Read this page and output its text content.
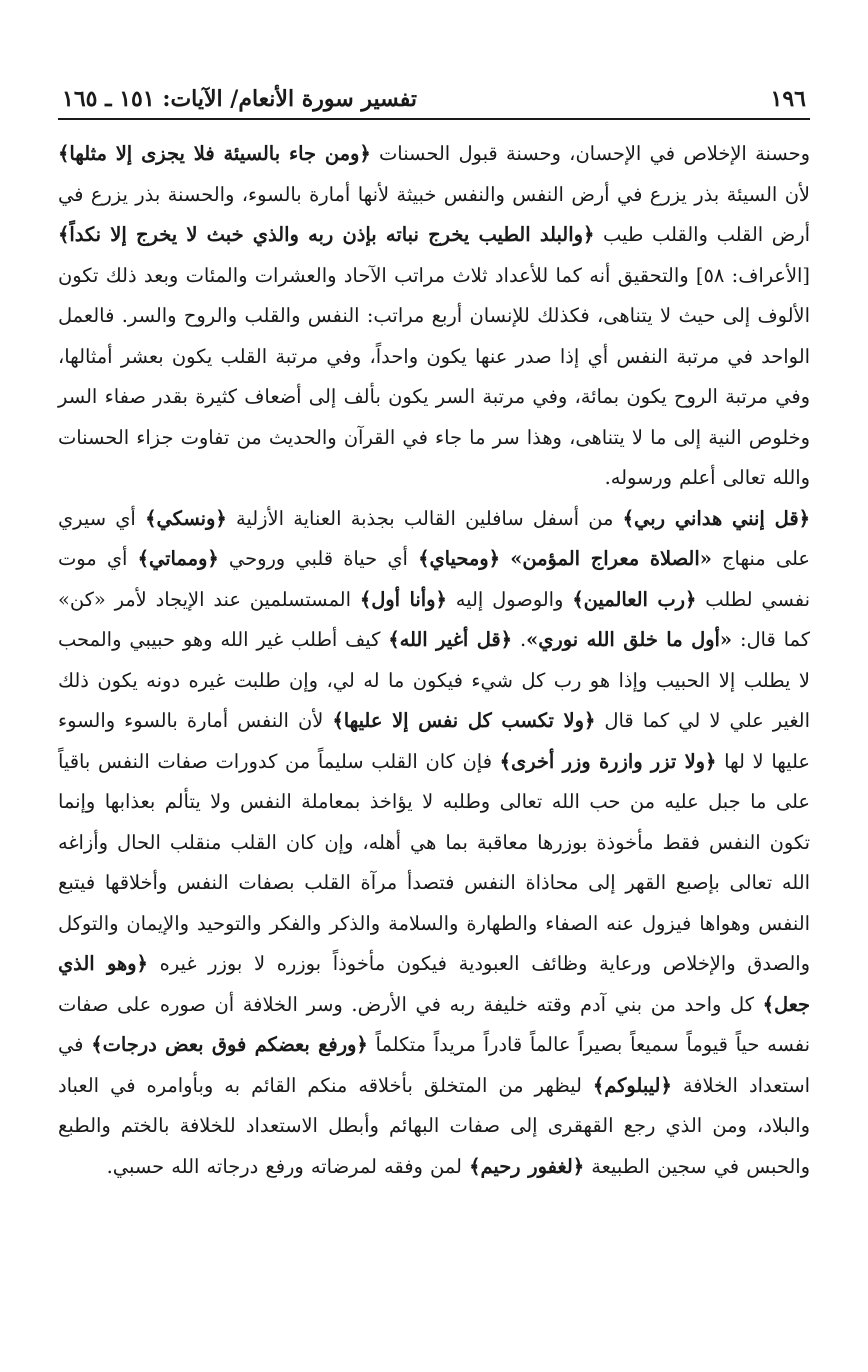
١٩٦
تفسير سورة الأنعام/ الآيات: ١٥١ ـ ١٦٥

وحسنة الإخلاص في الإحسان، وحسنة قبول الحسنات ﴿ومن جاء بالسيئة فلا يجزى إلا مثلها﴾ لأن السيئة بذر يزرع في أرض النفس والنفس خبيثة لأنها أمارة بالسوء، والحسنة بذر يزرع في أرض القلب والقلب طيب ﴿والبلد الطيب يخرج نباته بإذن ربه والذي خبث لا يخرج إلا نكداً﴾ [الأعراف: ٥٨] والتحقيق أنه كما للأعداد ثلاث مراتب الآحاد والعشرات والمئات وبعد ذلك تكون الألوف إلى حيث لا يتناهى، فكذلك للإنسان أربع مراتب: النفس والقلب والروح والسر. فالعمل الواحد في مرتبة النفس أي إذا صدر عنها يكون واحداً، وفي مرتبة القلب يكون بعشر أمثالها، وفي مرتبة الروح يكون بمائة، وفي مرتبة السر يكون بألف إلى أضعاف كثيرة بقدر صفاء السر وخلوص النية إلى ما لا يتناهى، وهذا سر ما جاء في القرآن والحديث من تفاوت جزاء الحسنات والله تعالى أعلم ورسوله.

﴿قل إنني هداني ربي﴾ من أسفل سافلين القالب بجذبة العناية الأزلية ﴿ونسكي﴾ أي سيري على منهاج «الصلاة معراج المؤمن» ﴿ومحياي﴾ أي حياة قلبي وروحي ﴿ومماتي﴾ أي موت نفسي لطلب ﴿رب العالمين﴾ والوصول إليه ﴿وأنا أول﴾ المستسلمين عند الإيجاد لأمر «كن» كما قال: «أول ما خلق الله نوري». ﴿قل أغير الله﴾ كيف أطلب غير الله وهو حبيبي والمحب لا يطلب إلا الحبيب وإذا هو رب كل شيء فيكون ما له لي، وإن طلبت غيره دونه يكون ذلك الغير علي لا لي كما قال ﴿ولا تكسب كل نفس إلا عليها﴾ لأن النفس أمارة بالسوء والسوء عليها لا لها ﴿ولا تزر وازرة وزر أخرى﴾ فإن كان القلب سليماً من كدورات صفات النفس باقياً على ما جبل عليه من حب الله تعالى وطلبه لا يؤاخذ بمعاملة النفس ولا يتألم بعذابها وإنما تكون النفس فقط مأخوذة بوزرها معاقبة بما هي أهله، وإن كان القلب منقلب الحال وأزاغه الله تعالى بإصبع القهر إلى محاذاة النفس فتصدأ مرآة القلب بصفات النفس وأخلاقها فيتبع النفس وهواها فيزول عنه الصفاء والطهارة والسلامة والذكر والفكر والتوحيد والإيمان والتوكل والصدق والإخلاص ورعاية وظائف العبودية فيكون مأخوذاً بوزره لا بوزر غيره ﴿وهو الذي جعل﴾ كل واحد من بني آدم وقته خليفة ربه في الأرض. وسر الخلافة أن صوره على صفات نفسه حياً قيوماً سميعاً بصيراً عالماً قادراً مريداً متكلماً ﴿ورفع بعضكم فوق بعض درجات﴾ في استعداد الخلافة ﴿ليبلوكم﴾ ليظهر من المتخلق بأخلاقه منكم القائم به وبأوامره في العباد والبلاد، ومن الذي رجع القهقرى إلى صفات البهائم وأبطل الاستعداد للخلافة بالختم والطبع والحبس في سجين الطبيعة ﴿لغفور رحيم﴾ لمن وفقه لمرضاته ورفع درجاته الله حسبي.
